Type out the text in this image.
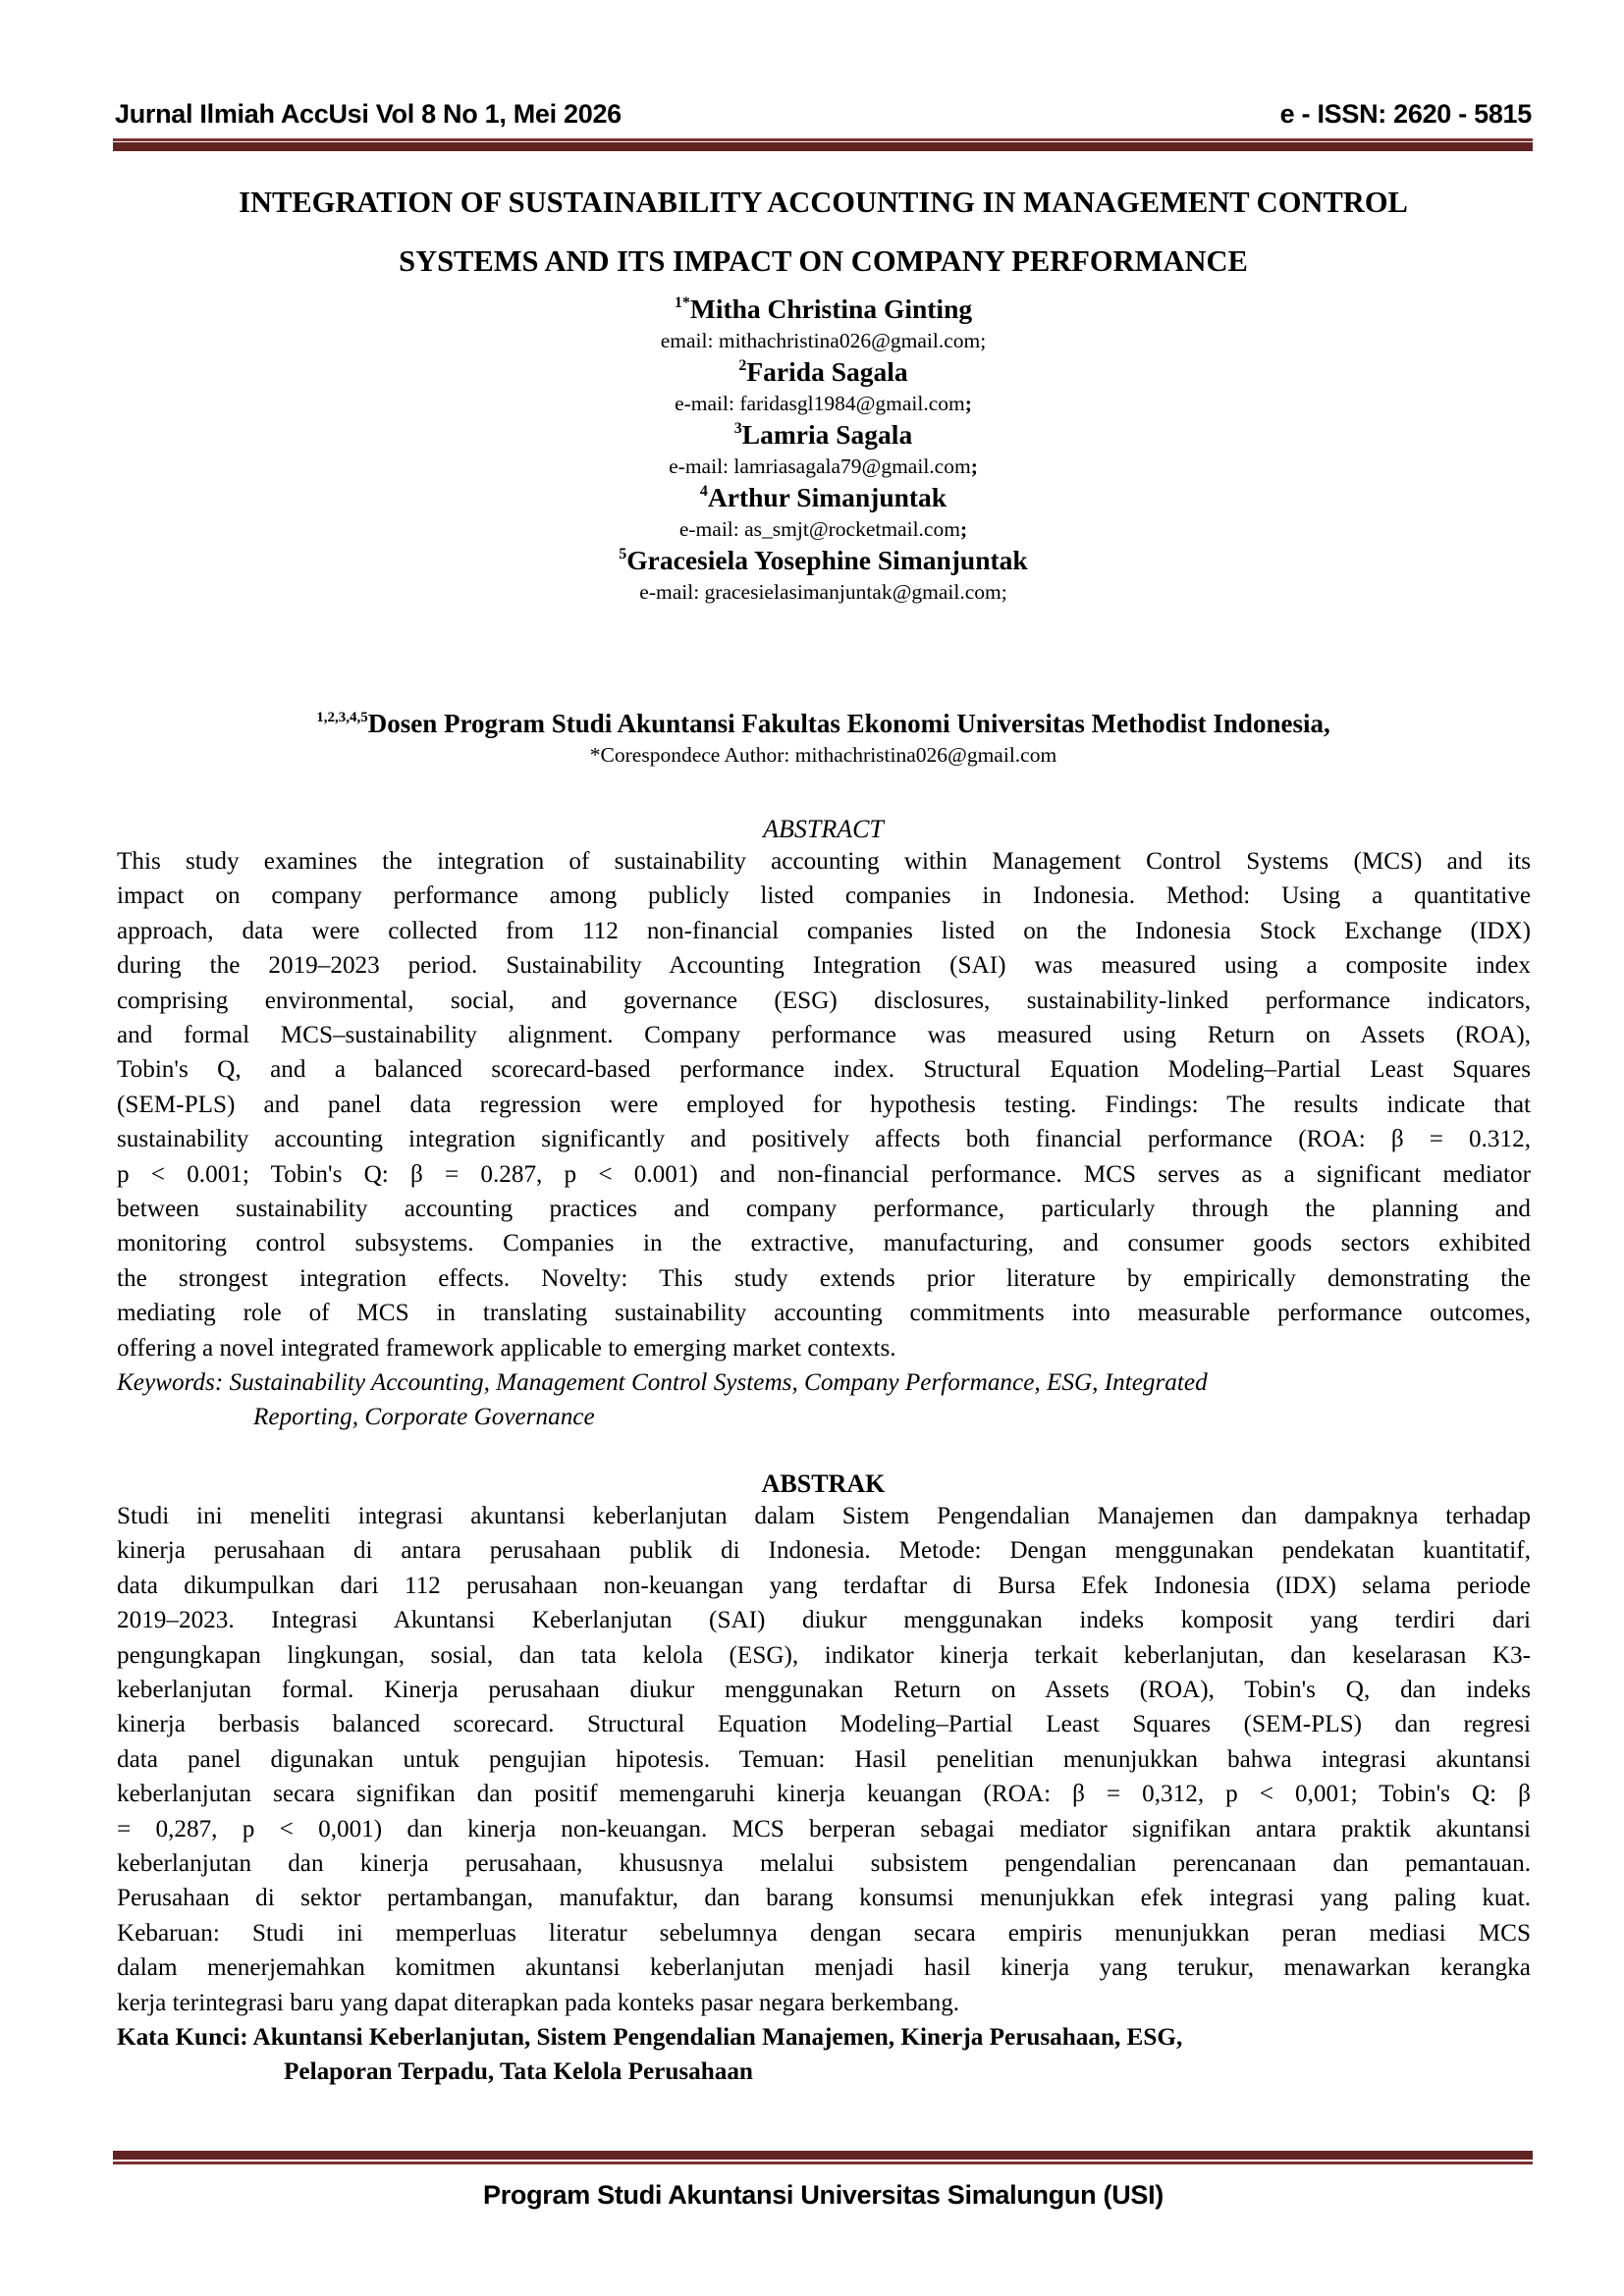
Jurnal Ilmiah AccUsi Vol 8 No 1, Mei 2026	e - ISSN: 2620 - 5815
INTEGRATION OF SUSTAINABILITY ACCOUNTING IN MANAGEMENT CONTROL
SYSTEMS AND ITS IMPACT ON COMPANY PERFORMANCE
$^{1*}$Mitha Christina Ginting
email: mithachristina026@gmail.com;
$^2$Farida Sagala
e-mail: faridasgl1984@gmail.com;
$^3$Lamria Sagala
e-mail: lamriasagala79@gmail.com;
$^4$Arthur Simanjuntak
e-mail: as_smjt@rocketmail.com;
$^5$Gracesiela Yosephine Simanjuntak
e-mail: gracesielasimanjuntak@gmail.com;
$^{1,2,3,4,5}$Dosen Program Studi Akuntansi Fakultas Ekonomi Universitas Methodist Indonesia,
*Corespondece Author: mithachristina026@gmail.com
ABSTRACT
This study examines the integration of sustainability accounting within Management Control Systems (MCS) and its
impact on company performance among publicly listed companies in Indonesia. Method: Using a quantitative
approach, data were collected from 112 non-financial companies listed on the Indonesia Stock Exchange (IDX)
during the 2019–2023 period. Sustainability Accounting Integration (SAI) was measured using a composite index
comprising environmental, social, and governance (ESG) disclosures, sustainability-linked performance indicators,
and formal MCS–sustainability alignment. Company performance was measured using Return on Assets (ROA),
Tobin's Q, and a balanced scorecard-based performance index. Structural Equation Modeling–Partial Least Squares
(SEM-PLS) and panel data regression were employed for hypothesis testing. Findings: The results indicate that
sustainability accounting integration significantly and positively affects both financial performance (ROA: β = 0.312,
p < 0.001; Tobin's Q: β = 0.287, p < 0.001) and non-financial performance. MCS serves as a significant mediator
between sustainability accounting practices and company performance, particularly through the planning and
monitoring control subsystems. Companies in the extractive, manufacturing, and consumer goods sectors exhibited
the strongest integration effects. Novelty: This study extends prior literature by empirically demonstrating the
mediating role of MCS in translating sustainability accounting commitments into measurable performance outcomes,
offering a novel integrated framework applicable to emerging market contexts.
Keywords: Sustainability Accounting, Management Control Systems, Company Performance, ESG, Integrated
Reporting, Corporate Governance
ABSTRAK
Studi ini meneliti integrasi akuntansi keberlanjutan dalam Sistem Pengendalian Manajemen dan dampaknya terhadap
kinerja perusahaan di antara perusahaan publik di Indonesia. Metode: Dengan menggunakan pendekatan kuantitatif,
data dikumpulkan dari 112 perusahaan non-keuangan yang terdaftar di Bursa Efek Indonesia (IDX) selama periode
2019–2023. Integrasi Akuntansi Keberlanjutan (SAI) diukur menggunakan indeks komposit yang terdiri dari
pengungkapan lingkungan, sosial, dan tata kelola (ESG), indikator kinerja terkait keberlanjutan, dan keselarasan K3-
keberlanjutan formal. Kinerja perusahaan diukur menggunakan Return on Assets (ROA), Tobin's Q, dan indeks
kinerja berbasis balanced scorecard. Structural Equation Modeling–Partial Least Squares (SEM-PLS) dan regresi
data panel digunakan untuk pengujian hipotesis. Temuan: Hasil penelitian menunjukkan bahwa integrasi akuntansi
keberlanjutan secara signifikan dan positif memengaruhi kinerja keuangan (ROA: β = 0,312, p < 0,001; Tobin's Q: β
= 0,287, p < 0,001) dan kinerja non-keuangan. MCS berperan sebagai mediator signifikan antara praktik akuntansi
keberlanjutan dan kinerja perusahaan, khususnya melalui subsistem pengendalian perencanaan dan pemantauan.
Perusahaan di sektor pertambangan, manufaktur, dan barang konsumsi menunjukkan efek integrasi yang paling kuat.
Kebaruan: Studi ini memperluas literatur sebelumnya dengan secara empiris menunjukkan peran mediasi MCS
dalam menerjemahkan komitmen akuntansi keberlanjutan menjadi hasil kinerja yang terukur, menawarkan kerangka
kerja terintegrasi baru yang dapat diterapkan pada konteks pasar negara berkembang.
Kata Kunci: Akuntansi Keberlanjutan, Sistem Pengendalian Manajemen, Kinerja Perusahaan, ESG,
Pelaporan Terpadu, Tata Kelola Perusahaan
Program Studi Akuntansi Universitas Simalungun (USI)
